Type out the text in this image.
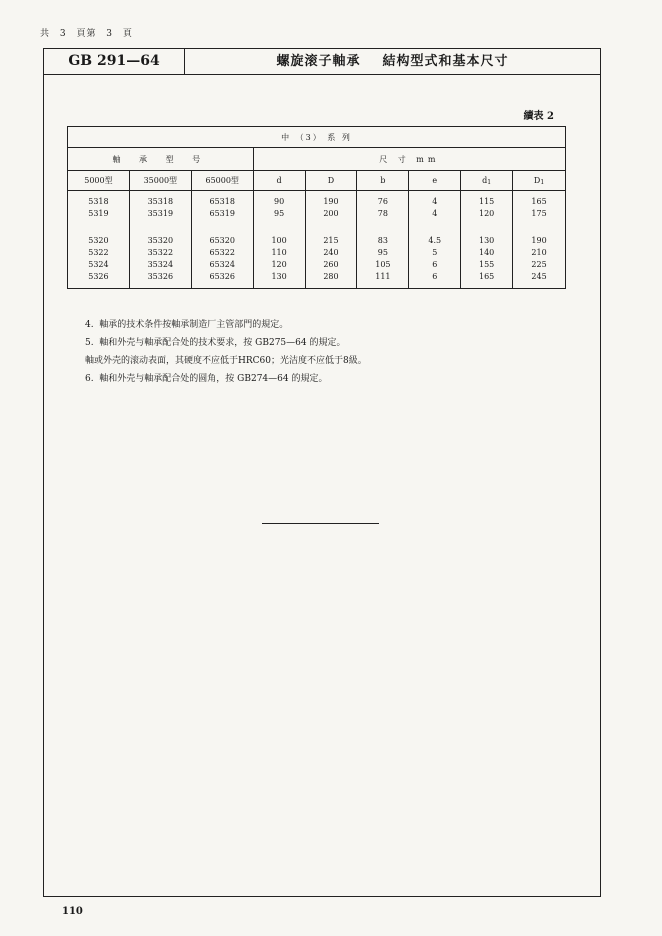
共 3 頁第 3 頁
GB 291—64	螺旋滚子軸承    結构型式和基本尺寸
續表 2
中 （3） 系 列								
軸 承 型 号			尺 寸 mm					
5000型	35000型	65000型	d	D	b	e	d1	D1
5318	35318	65318	90	190	76	4	115	165
5319	35319	65319	95	200	78	4	120	175
5320	35320	65320	100	215	83	4.5	130	190
5322	35322	65322	110	240	95	5	140	210
5324	35324	65324	120	260	105	6	155	225
5326	35326	65326	130	280	111	6	165	245
4.  軸承的技术条件按軸承制造厂主管部門的規定。
5.  軸和外壳与軸承配合处的技术要求，按 GB275—64 的規定。
軸或外壳的滚动表面，其硬度不应低于HRC60；光洁度不应低于8級。
6.  軸和外壳与軸承配合处的圆角，按 GB274—64 的規定。
110
